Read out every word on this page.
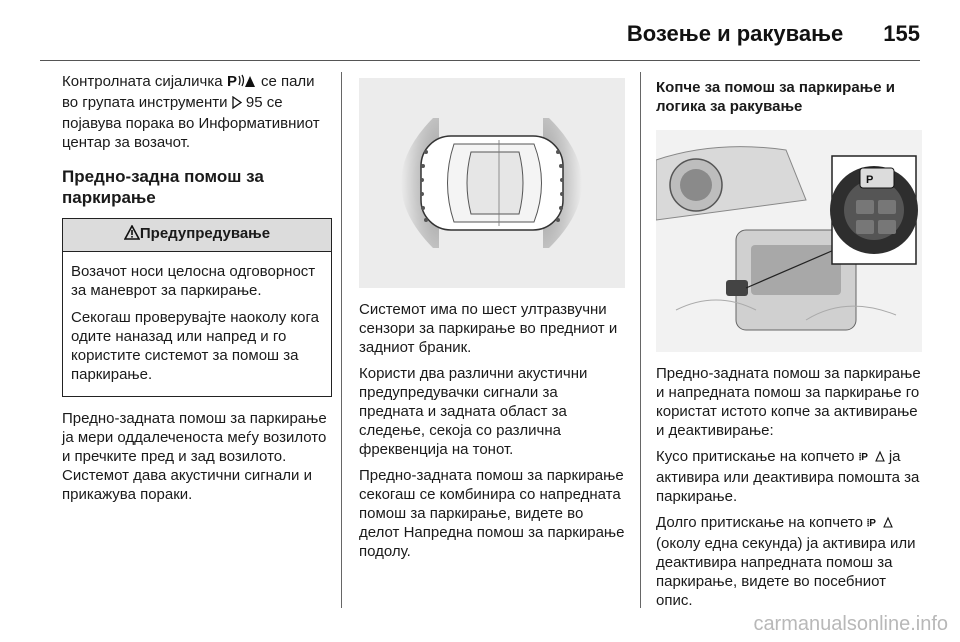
Возење и ракување 155

Контролната сијаличка P се пали во групата инструменти 95 се појавува порака во Информативниот центар за возачот.

Предно-задна помош за паркирање
Предупредување

Возачот носи целосна одговорност за маневрот за паркирање.

Секогаш проверувајте наоколу кога одите наназад или напред и го користите системот за помош за паркирање.

Предно-задната помош за паркирање ја мери оддалеченоста меѓу возилото и пречките пред и зад возилото. Системот дава акустични сигнали и прикажува пораки.

Системот има по шест ултразвучни сензори за паркирање во предниот и задниот браник.

Користи два различни акустични предупредувачки сигнали за предната и задната област за следење, секоја со различна фреквенција на тонот.

Предно-задната помош за паркирање секогаш се комбинира со напредната помош за паркирање, видете во делот Напредна помош за паркирање подолу.

Копче за помош за паркирање и логика за ракување
P

Предно-задната помош за паркирање и напредната помош за паркирање го користат истото копче за активирање и деактивирање:

Кусо притискање на копчето ⦙P ја активира или деактивира помошта за паркирање.

Долго притискање на копчето ⦙P
(околу една секунда) ја активира или деактивира напредната помош за паркирање, видете во посебниот опис.

carmanualsonline.info
